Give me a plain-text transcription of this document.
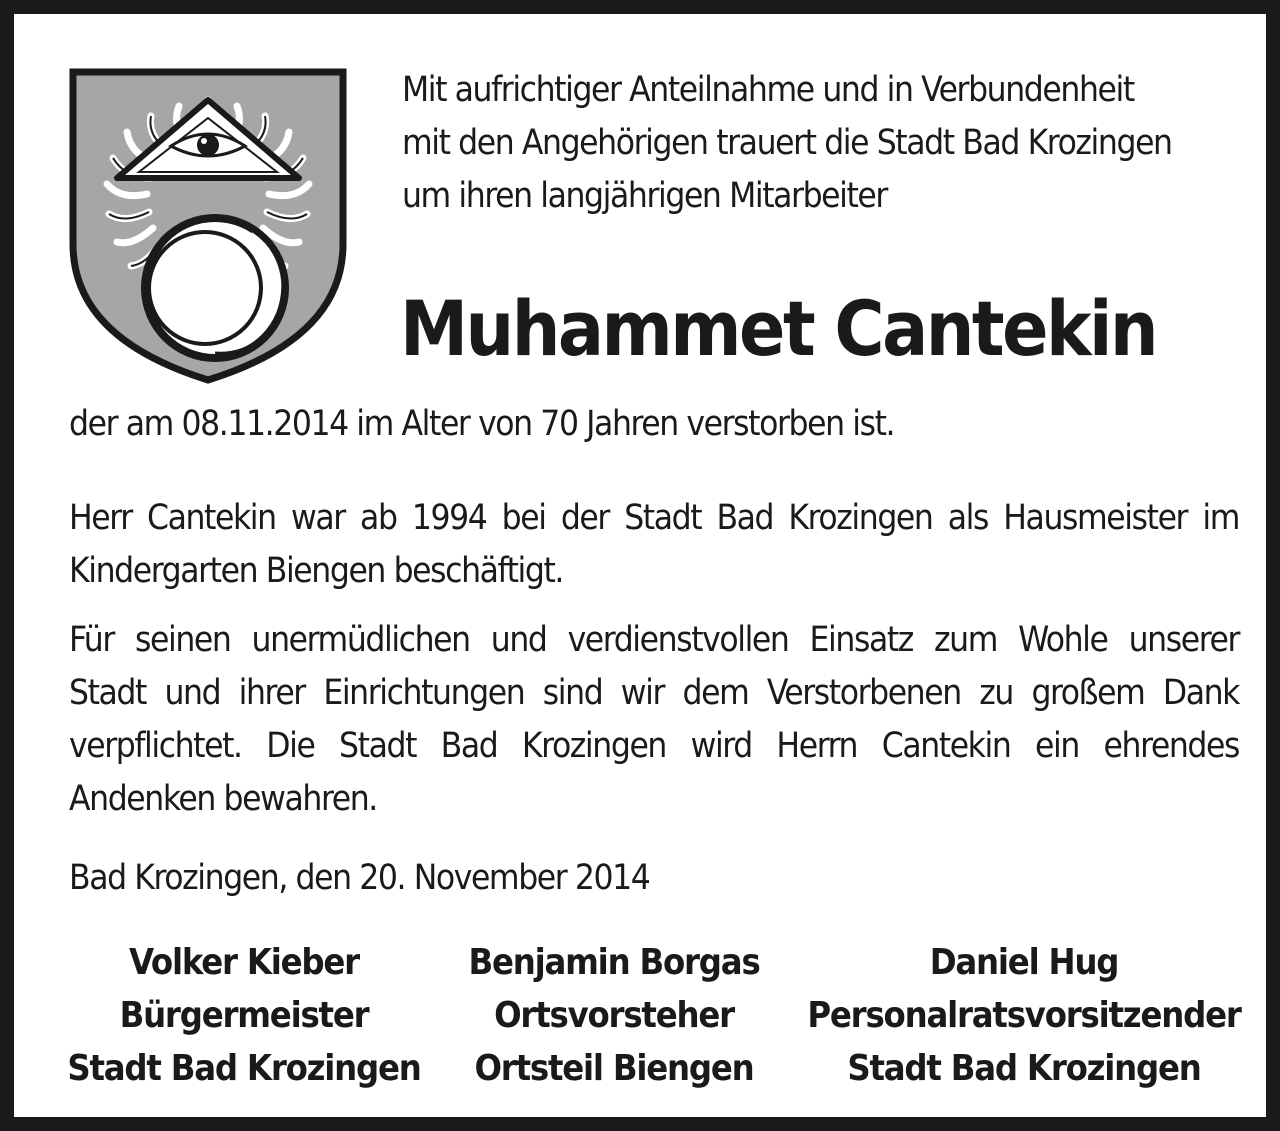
Mit aufrichtiger Anteilnahme und in Verbundenheit
mit den Angehörigen trauert die Stadt Bad Krozingen
um ihren langjährigen Mitarbeiter
Muhammet Cantekin
der am 08.11.2014 im Alter von 70 Jahren verstorben ist.
Herr Cantekin war ab 1994 bei der Stadt Bad Krozingen als Hausmeister im
Kindergarten Biengen beschäftigt.
Für seinen unermüdlichen und verdienstvollen Einsatz zum Wohle unserer
Stadt und ihrer Einrichtungen sind wir dem Verstorbenen zu großem Dank
verpflichtet. Die Stadt Bad Krozingen wird Herrn Cantekin ein ehrendes
Andenken bewahren.
Bad Krozingen, den 20. November 2014
Volker Kieber
Bürgermeister
Stadt Bad Krozingen
Benjamin Borgas
Ortsvorsteher
Ortsteil Biengen
Daniel Hug
Personalratsvorsitzender
Stadt Bad Krozingen
